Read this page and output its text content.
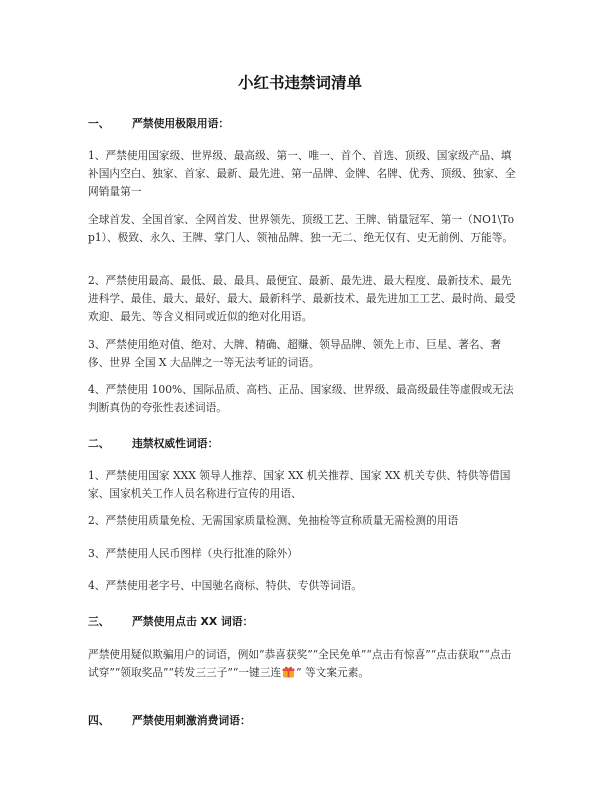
小红书违禁词清单
一、 严禁使用极限用语：

1、严禁使用国家级、世界级、最高级、第一、唯一、首个、首选、顶级、国家级产品、填补国内空白、独家、首家、最新、最先进、第一品牌、金牌、名牌、优秀、顶级、独家、全网销量第一

全球首发、全国首家、全网首发、世界领先、顶级工艺、王牌、销量冠军、第一（NO1\Top1）、极致、永久、王牌、掌门人、领袖品牌、独一无二、绝无仅有、史无前例、万能等。

2、严禁使用最高、最低、最、最具、最便宜、最新、最先进、最大程度、最新技术、最先进科学、最佳、最大、最好、最大、最新科学、最新技术、最先进加工工艺、最时尚、最受欢迎、最先、等含义相同或近似的绝对化用语。

3、严禁使用绝对值、绝对、大牌、精确、超赚、领导品牌、领先上市、巨星、著名、奢侈、世界 全国 X 大品牌之一等无法考证的词语。

4、严禁使用 100%、国际品质、高档、正品、国家级、世界级、最高级最佳等虚假或无法判断真伪的夸张性表述词语。

二、 违禁权威性词语：

1、严禁使用国家 XXX 领导人推荐、国家 XX 机关推荐、国家 XX 机关专供、特供等借国家、国家机关工作人员名称进行宣传的用语、

2、严禁使用质量免检、无需国家质量检测、免抽检等宣称质量无需检测的用语

3、严禁使用人民币图样（央行批准的除外）

4、严禁使用老字号、中国驰名商标、特供、专供等词语。

三、 严禁使用点击 XX 词语：

严禁使用疑似欺骗用户的词语，例如“恭喜获奖”“全民免单”“点击有惊喜”“点击获取”“点击试穿”“领取奖品”“转发三三子”“一键三连 ” 等文案元素。

四、 严禁使用刺激消费词语：
